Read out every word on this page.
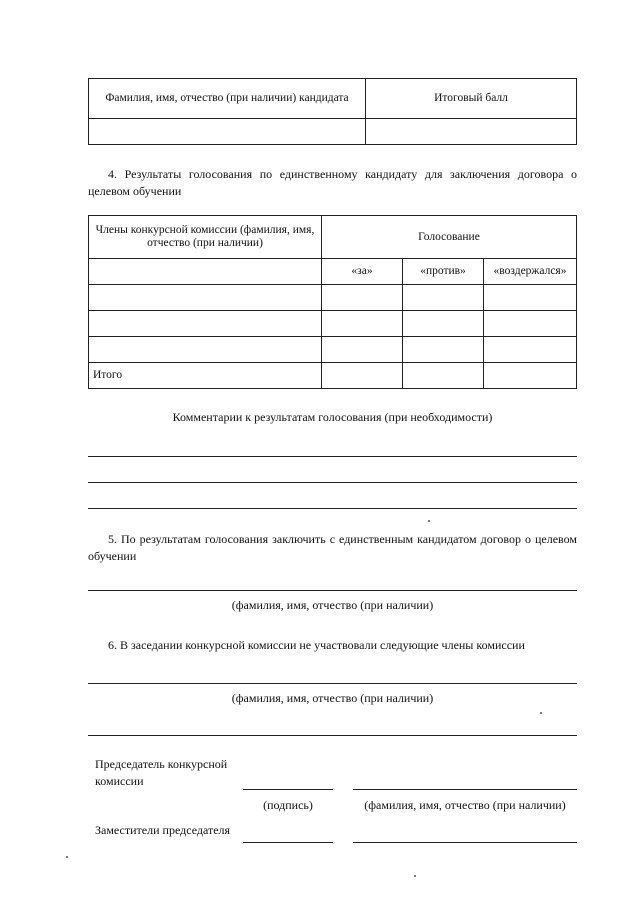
Фамилия, имя, отчество (при наличии) кандидата	Итоговый балл

4. Результаты голосования по единственному кандидату для заключения договора о целевом обучении
Члены конкурсной комиссии (фамилия, имя, отчество (при наличии)	Голосование		
	«за»	«против»	«воздержался»

Итого			
Комментарии к результатам голосования (при необходимости)
5. По результатам голосования заключить с единственным кандидатом договор о целевом обучении
(фамилия, имя, отчество (при наличии)
6. В заседании конкурсной комиссии не участвовали следующие члены комиссии
(фамилия, имя, отчество (при наличии)
Председатель конкурсной комиссии
(подпись)	(фамилия, имя, отчество (при наличии)
Заместители председателя
